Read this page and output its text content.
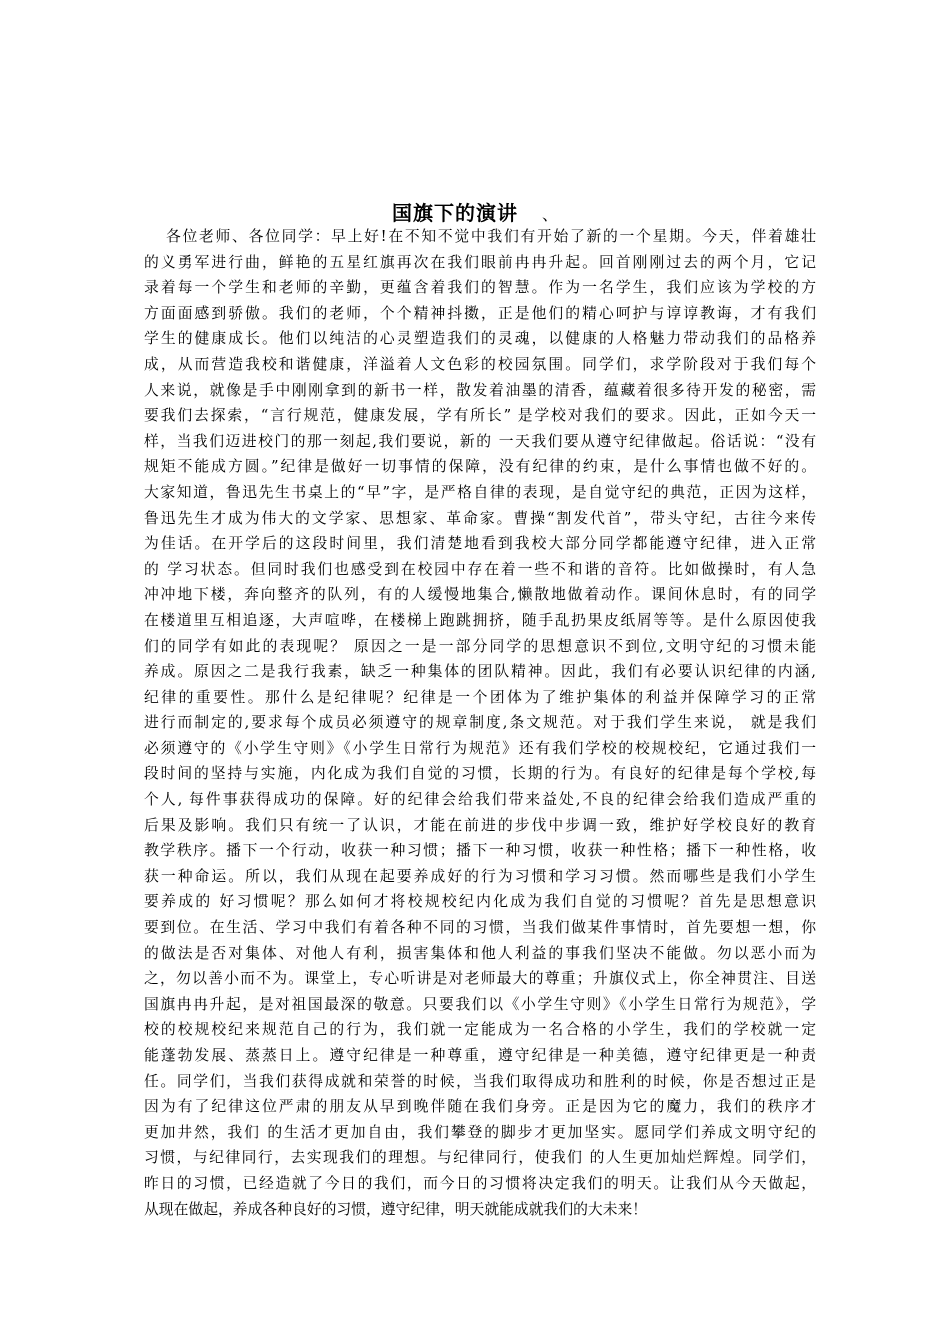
国旗下的演讲 、
各位老师、各位同学：早上好!在不知不觉中我们有开始了新的一个星期。今天，伴着雄壮
的义勇军进行曲，鲜艳的五星红旗再次在我们眼前冉冉升起。回首刚刚过去的两个月，它记
录着每一个学生和老师的辛勤，更蕴含着我们的智慧。作为一名学生，我们应该为学校的方
方面面感到骄傲。我们的老师，个个精神抖擞，正是他们的精心呵护与谆谆教诲，才有我们
学生的健康成长。他们以纯洁的心灵塑造我们的灵魂，以健康的人格魅力带动我们的品格养
成，从而营造我校和谐健康，洋溢着人文色彩的校园氛围。同学们，求学阶段对于我们每个
人来说，就像是手中刚刚拿到的新书一样，散发着油墨的清香，蕴藏着很多待开发的秘密，需
要我们去探索，“言行规范，健康发展，学有所长” 是学校对我们的要求。因此，正如今天一
样，当我们迈进校门的那一刻起,我们要说，新的 一天我们要从遵守纪律做起。俗话说：“没有
规矩不能成方圆。”纪律是做好一切事情的保障，没有纪律的约束，是什么事情也做不好的。
大家知道，鲁迅先生书桌上的“早”字，是严格自律的表现，是自觉守纪的典范，正因为这样，
鲁迅先生才成为伟大的文学家、思想家、革命家。曹操“割发代首”，带头守纪，古往今来传
为佳话。在开学后的这段时间里，我们清楚地看到我校大部分同学都能遵守纪律，进入正常
的 学习状态。但同时我们也感受到在校园中存在着一些不和谐的音符。比如做操时，有人急
冲冲地下楼，奔向整齐的队列，有的人缓慢地集合,懒散地做着动作。课间休息时，有的同学
在楼道里互相追逐，大声喧哗，在楼梯上跑跳拥挤，随手乱扔果皮纸屑等等。是什么原因使我
们的同学有如此的表现呢？ 原因之一是一部分同学的思想意识不到位,文明守纪的习惯未能
养成。原因之二是我行我素，缺乏一种集体的团队精神。因此，我们有必要认识纪律的内涵,
纪律的重要性。那什么是纪律呢？纪律是一个团体为了维护集体的利益并保障学习的正常
进行而制定的,要求每个成员必须遵守的规章制度,条文规范。对于我们学生来说， 就是我们
必须遵守的《小学生守则》《小学生日常行为规范》还有我们学校的校规校纪，它通过我们一
段时间的坚持与实施，内化成为我们自觉的习惯，长期的行为。有良好的纪律是每个学校,每
个人, 每件事获得成功的保障。好的纪律会给我们带来益处,不良的纪律会给我们造成严重的
后果及影响。我们只有统一了认识，才能在前进的步伐中步调一致，维护好学校良好的教育
教学秩序。播下一个行动，收获一种习惯；播下一种习惯，收获一种性格；播下一种性格，收
获一种命运。所以，我们从现在起要养成好的行为习惯和学习习惯。然而哪些是我们小学生
要养成的 好习惯呢？那么如何才将校规校纪内化成为我们自觉的习惯呢？首先是思想意识
要到位。在生活、学习中我们有着各种不同的习惯，当我们做某件事情时，首先要想一想，你
的做法是否对集体、对他人有利，损害集体和他人利益的事我们坚决不能做。勿以恶小而为
之，勿以善小而不为。课堂上，专心听讲是对老师最大的尊重；升旗仪式上，你全神贯注、目送
国旗冉冉升起，是对祖国最深的敬意。只要我们以《小学生守则》《小学生日常行为规范》，学
校的校规校纪来规范自己的行为，我们就一定能成为一名合格的小学生，我们的学校就一定
能蓬勃发展、蒸蒸日上。遵守纪律是一种尊重，遵守纪律是一种美德，遵守纪律更是一种责
任。同学们，当我们获得成就和荣誉的时候，当我们取得成功和胜利的时候，你是否想过正是
因为有了纪律这位严肃的朋友从早到晚伴随在我们身旁。正是因为它的魔力，我们的秩序才
更加井然，我们 的生活才更加自由，我们攀登的脚步才更加坚实。愿同学们养成文明守纪的
习惯，与纪律同行，去实现我们的理想。与纪律同行，使我们 的人生更加灿烂辉煌。同学们，
昨日的习惯，已经造就了今日的我们，而今日的习惯将决定我们的明天。让我们从今天做起，
从现在做起，养成各种良好的习惯，遵守纪律，明天就能成就我们的大未来！
